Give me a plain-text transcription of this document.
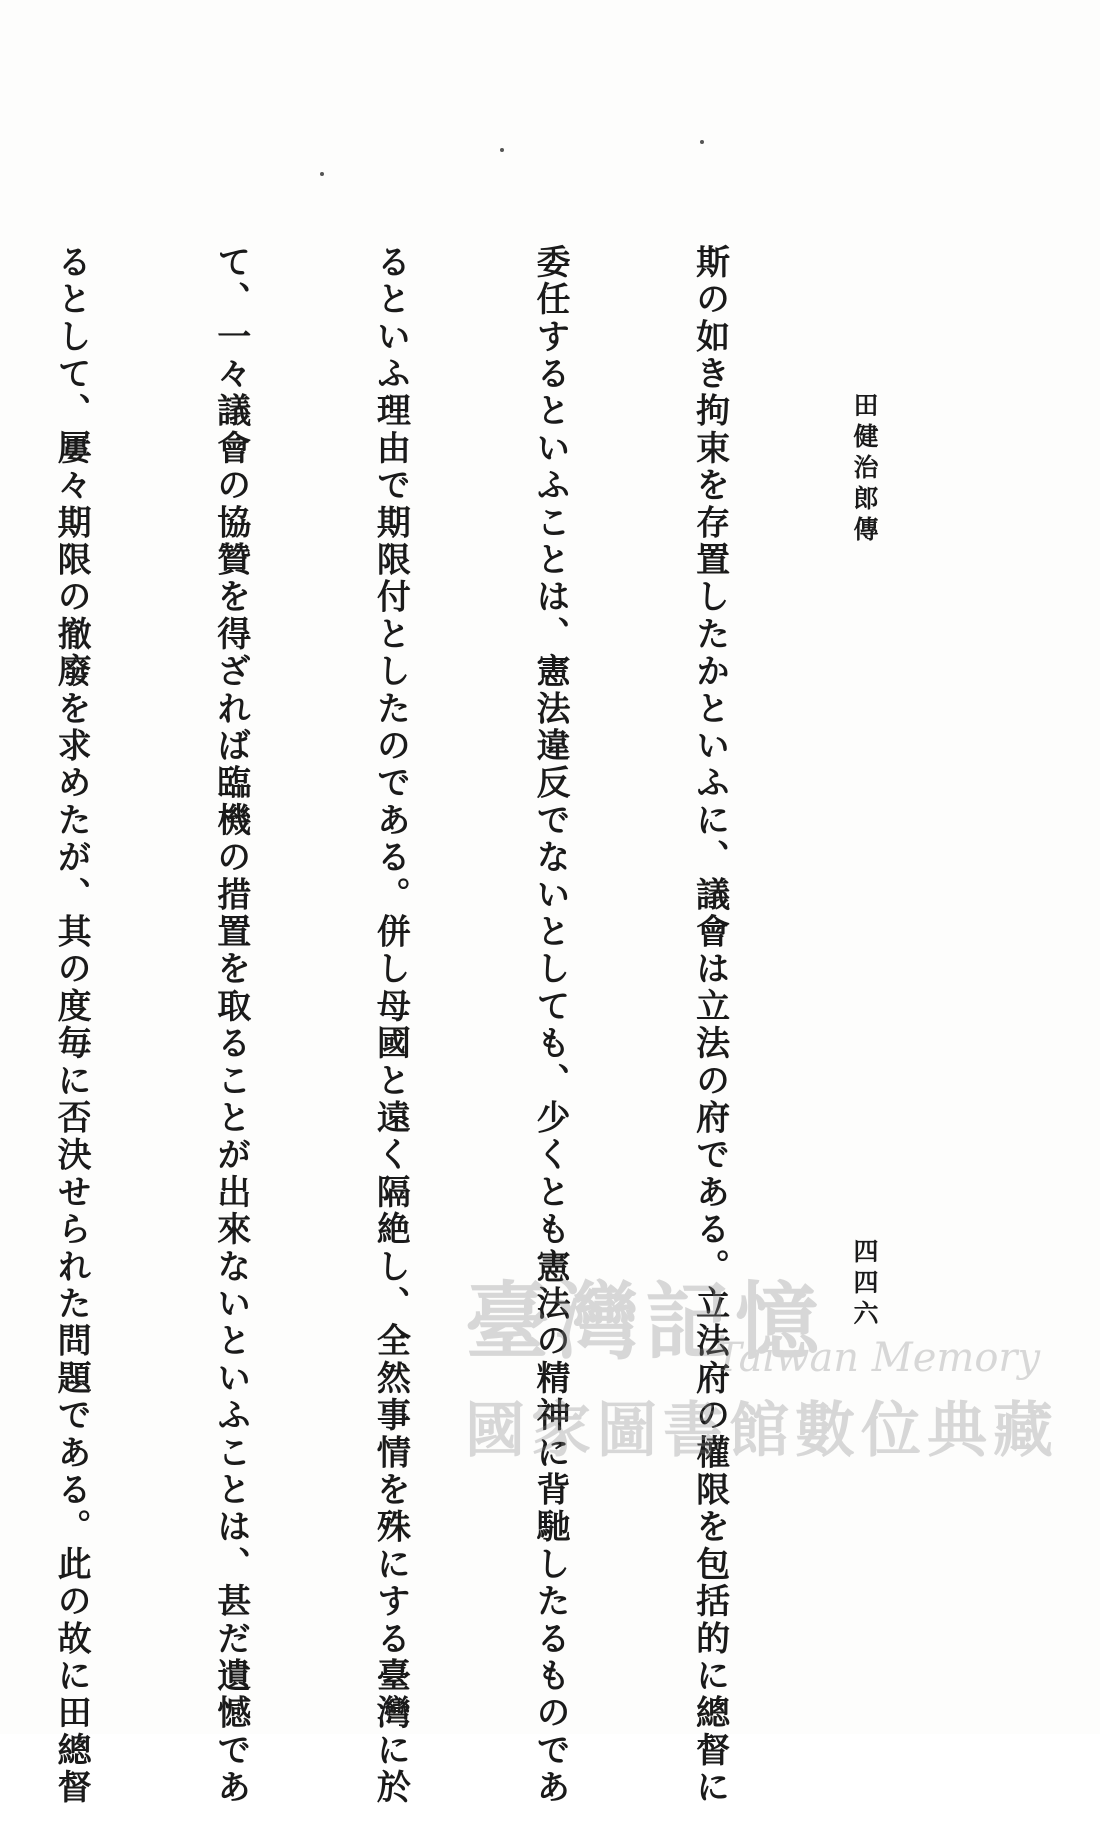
田健治郎傳
四四六

斯の如き拘束を存置したかといふに、議會は立法の府である。立法府の權限を包括的に總督に

委任するといふことは、憲法違反でないとしても、少くとも憲法の精神に背馳したるものであ

るといふ理由で期限付としたのである。併し母國と遠く隔絶し、全然事情を殊にする臺灣に於

て、一々議會の協贊を得ざれば臨機の措置を取ることが出來ないといふことは、甚だ遺憾であ

るとして、屢々期限の撤廢を求めたが、其の度毎に否決せられた問題である。此の故に田總督

	臺灣記憶
Taiwan Memory
國家圖書館數位典藏
